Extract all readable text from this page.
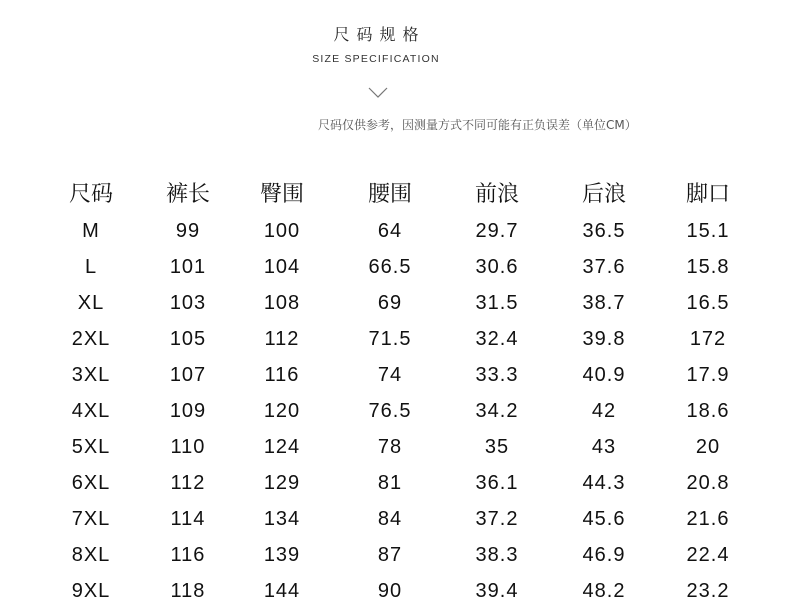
尺码规格
SIZE SPECIFICATION
尺码仅供参考，因测量方式不同可能有正负误差（单位CM）
尺码	裤长	臀围	腰围	前浪	后浪	脚口
M	99	100	64	29.7	36.5	15.1
L	101	104	66.5	30.6	37.6	15.8
XL	103	108	69	31.5	38.7	16.5
2XL	105	112	71.5	32.4	39.8	172
3XL	107	116	74	33.3	40.9	17.9
4XL	109	120	76.5	34.2	42	18.6
5XL	110	124	78	35	43	20
6XL	112	129	81	36.1	44.3	20.8
7XL	114	134	84	37.2	45.6	21.6
8XL	116	139	87	38.3	46.9	22.4
9XL	118	144	90	39.4	48.2	23.2
